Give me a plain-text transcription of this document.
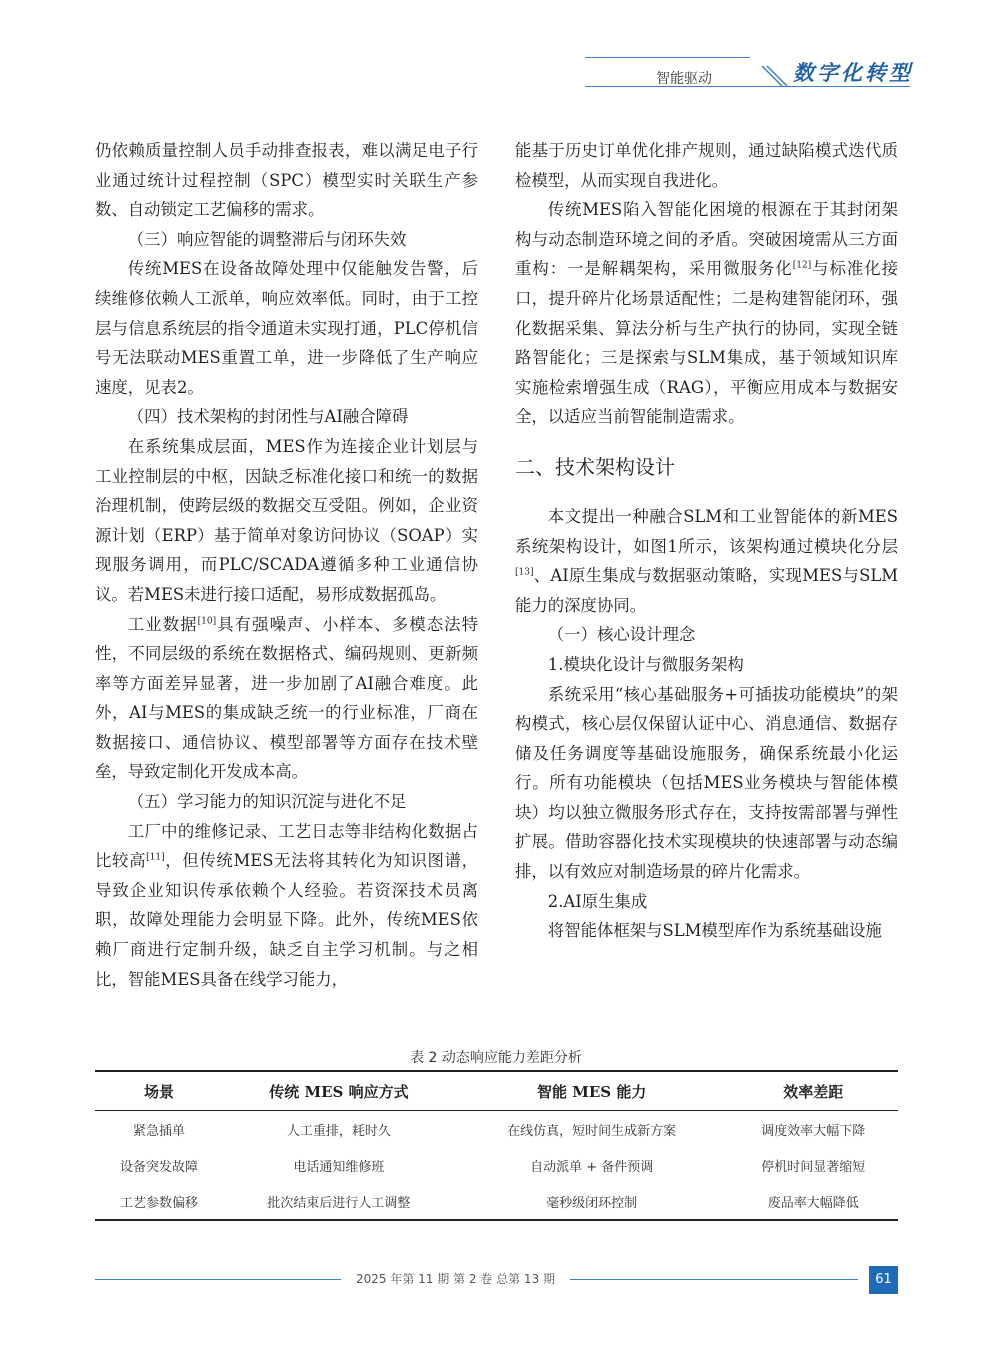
智能驱动	数字化转型

仍依赖质量控制人员手动排查报表，难以满足电子行业通过统计过程控制（SPC）模型实时关联生产参数、自动锁定工艺偏移的需求。

（三）响应智能的调整滞后与闭环失效

传统MES在设备故障处理中仅能触发告警，后续维修依赖人工派单，响应效率低。同时，由于工控层与信息系统层的指令通道未实现打通，PLC停机信号无法联动MES重置工单，进一步降低了生产响应速度，见表2。

（四）技术架构的封闭性与AI融合障碍

在系统集成层面，MES作为连接企业计划层与工业控制层的中枢，因缺乏标准化接口和统一的数据治理机制，使跨层级的数据交互受阻。例如，企业资源计划（ERP）基于简单对象访问协议（SOAP）实现服务调用，而PLC/SCADA遵循多种工业通信协议。若MES未进行接口适配，易形成数据孤岛。

工业数据[10]具有强噪声、小样本、多模态法特性，不同层级的系统在数据格式、编码规则、更新频率等方面差异显著，进一步加剧了AI融合难度。此外，AI与MES的集成缺乏统一的行业标准，厂商在数据接口、通信协议、模型部署等方面存在技术壁垒，导致定制化开发成本高。

（五）学习能力的知识沉淀与进化不足

工厂中的维修记录、工艺日志等非结构化数据占比较高[11]，但传统MES无法将其转化为知识图谱，导致企业知识传承依赖个人经验。若资深技术员离职，故障处理能力会明显下降。此外，传统MES依赖厂商进行定制升级，缺乏自主学习机制。与之相比，智能MES具备在线学习能力，

能基于历史订单优化排产规则，通过缺陷模式迭代质检模型，从而实现自我进化。

传统MES陷入智能化困境的根源在于其封闭架构与动态制造环境之间的矛盾。突破困境需从三方面重构：一是解耦架构，采用微服务化[12]与标准化接口，提升碎片化场景适配性；二是构建智能闭环，强化数据采集、算法分析与生产执行的协同，实现全链路智能化；三是探索与SLM集成，基于领域知识库实施检索增强生成（RAG），平衡应用成本与数据安全，以适应当前智能制造需求。

二、技术架构设计

本文提出一种融合SLM和工业智能体的新MES系统架构设计，如图1所示，该架构通过模块化分层[13]、AI原生集成与数据驱动策略，实现MES与SLM能力的深度协同。

（一）核心设计理念

1.模块化设计与微服务架构

系统采用“核心基础服务+可插拔功能模块”的架构模式，核心层仅保留认证中心、消息通信、数据存储及任务调度等基础设施服务，确保系统最小化运行。所有功能模块（包括MES业务模块与智能体模块）均以独立微服务形式存在，支持按需部署与弹性扩展。借助容器化技术实现模块的快速部署与动态编排，以有效应对制造场景的碎片化需求。

2.AI原生集成

将智能体框架与SLM模型库作为系统基础设施

表 2 动态响应能力差距分析
场景	传统 MES 响应方式	智能 MES 能力	效率差距
紧急插单	人工重排，耗时久	在线仿真，短时间生成新方案	调度效率大幅下降
设备突发故障	电话通知维修班	自动派单 + 备件预调	停机时间显著缩短
工艺参数偏移	批次结束后进行人工调整	毫秒级闭环控制	废品率大幅降低
2025 年第 11 期 第 2 卷 总第 13 期	61
